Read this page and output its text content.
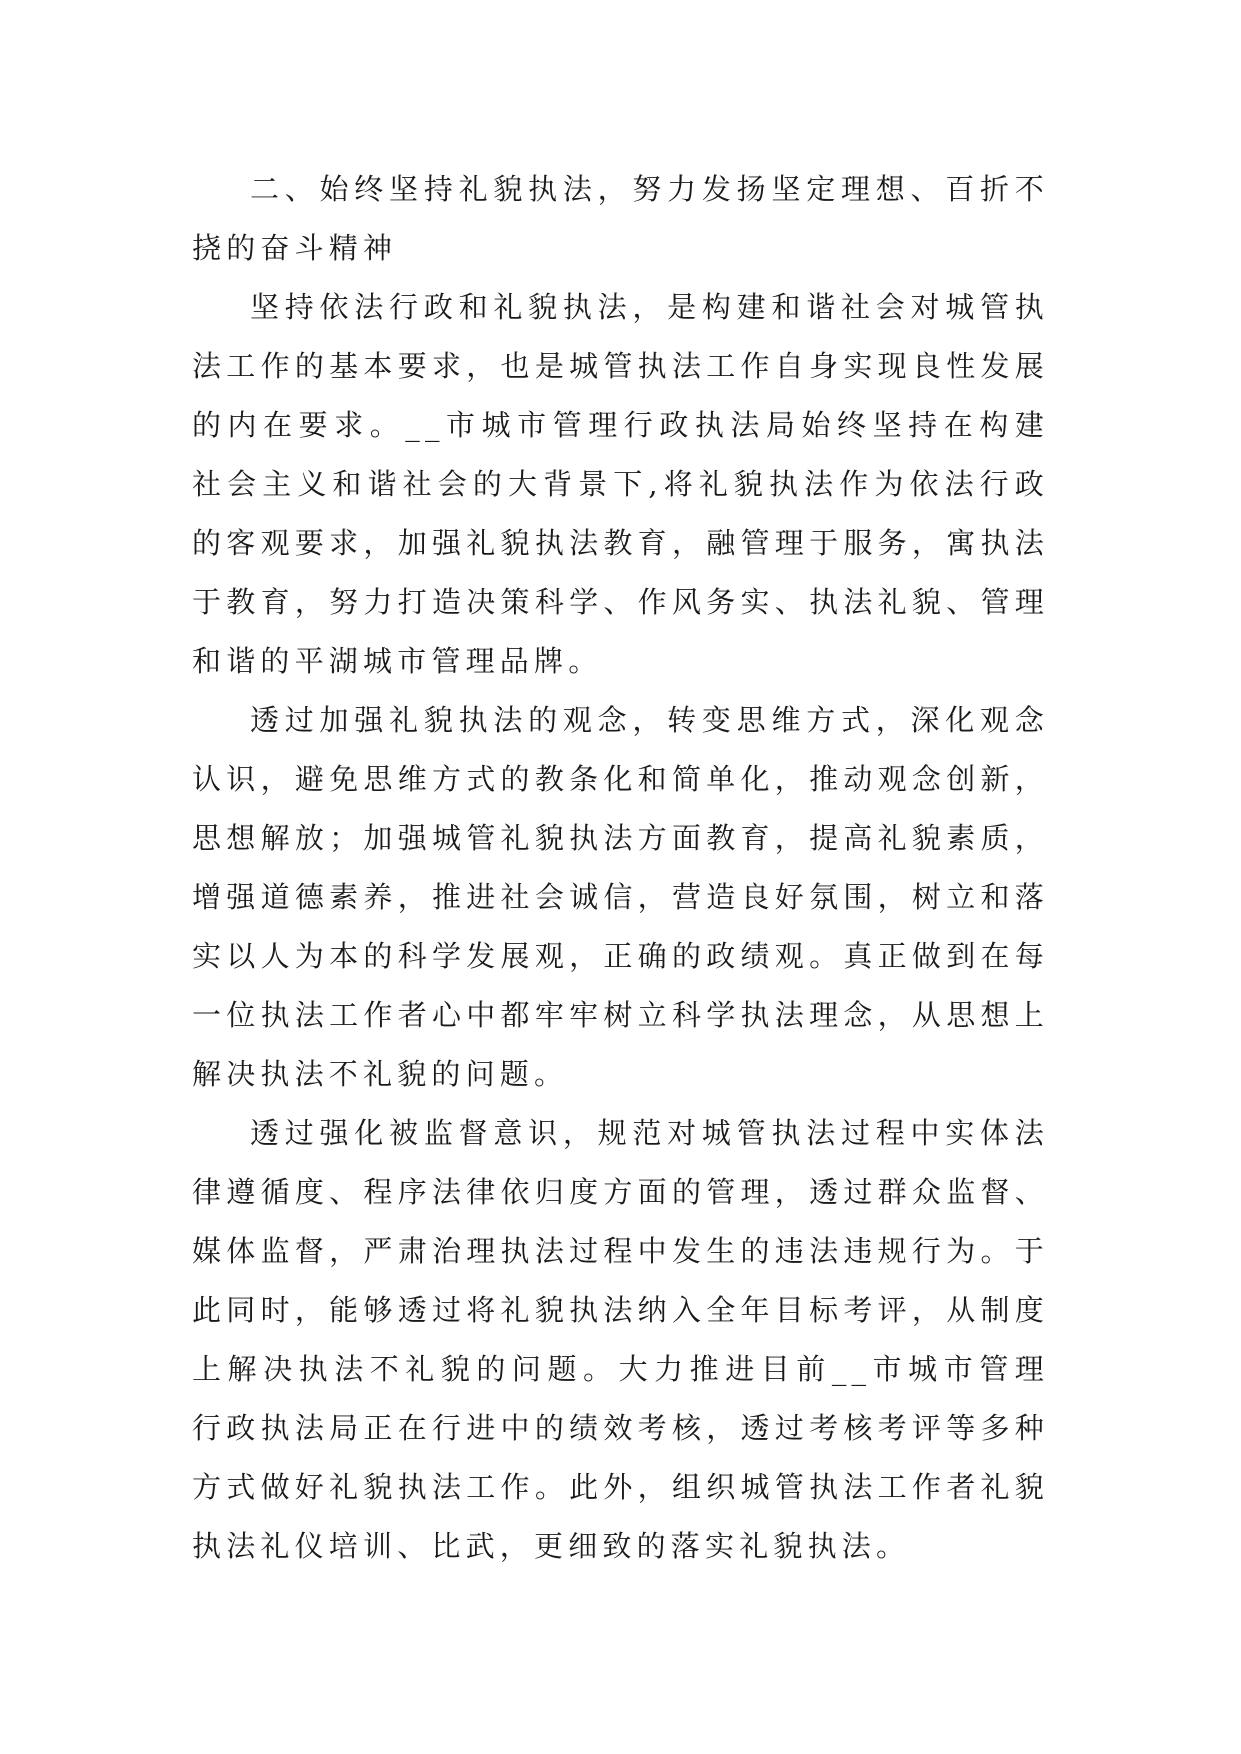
二、始终坚持礼貌执法，努力发扬坚定理想、百折不挠的奋斗精神

坚持依法行政和礼貌执法，是构建和谐社会对城管执法工作的基本要求，也是城管执法工作自身实现良性发展的内在要求。__市城市管理行政执法局始终坚持在构建社会主义和谐社会的大背景下,将礼貌执法作为依法行政的客观要求，加强礼貌执法教育，融管理于服务，寓执法于教育，努力打造决策科学、作风务实、执法礼貌、管理和谐的平湖城市管理品牌。

透过加强礼貌执法的观念，转变思维方式，深化观念认识，避免思维方式的教条化和简单化，推动观念创新，思想解放；加强城管礼貌执法方面教育，提高礼貌素质，增强道德素养，推进社会诚信，营造良好氛围，树立和落实以人为本的科学发展观，正确的政绩观。真正做到在每一位执法工作者心中都牢牢树立科学执法理念，从思想上解决执法不礼貌的问题。

透过强化被监督意识，规范对城管执法过程中实体法律遵循度、程序法律依归度方面的管理，透过群众监督、媒体监督，严肃治理执法过程中发生的违法违规行为。于此同时，能够透过将礼貌执法纳入全年目标考评，从制度上解决执法不礼貌的问题。大力推进目前__市城市管理行政执法局正在行进中的绩效考核，透过考核考评等多种方式做好礼貌执法工作。此外，组织城管执法工作者礼貌执法礼仪培训、比武，更细致的落实礼貌执法。
